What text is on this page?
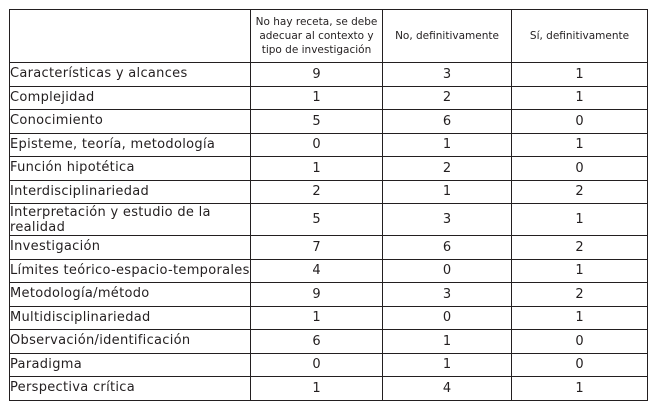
	No hay receta, se debe adecuar al contexto y tipo de investigación	No, definitivamente	Sí, definitivamente
Características y alcances	9	3	1
Complejidad	1	2	1
Conocimiento	5	6	0
Episteme, teoría, metodología	0	1	1
Función hipotética	1	2	0
Interdisciplinariedad	2	1	2
Interpretación y estudio de la realidad	5	3	1
Investigación	7	6	2
Límites teórico-espacio-temporales	4	0	1
Metodología/método	9	3	2
Multidisciplinariedad	1	0	1
Observación/identificación	6	1	0
Paradigma	0	1	0
Perspectiva crítica	1	4	1
